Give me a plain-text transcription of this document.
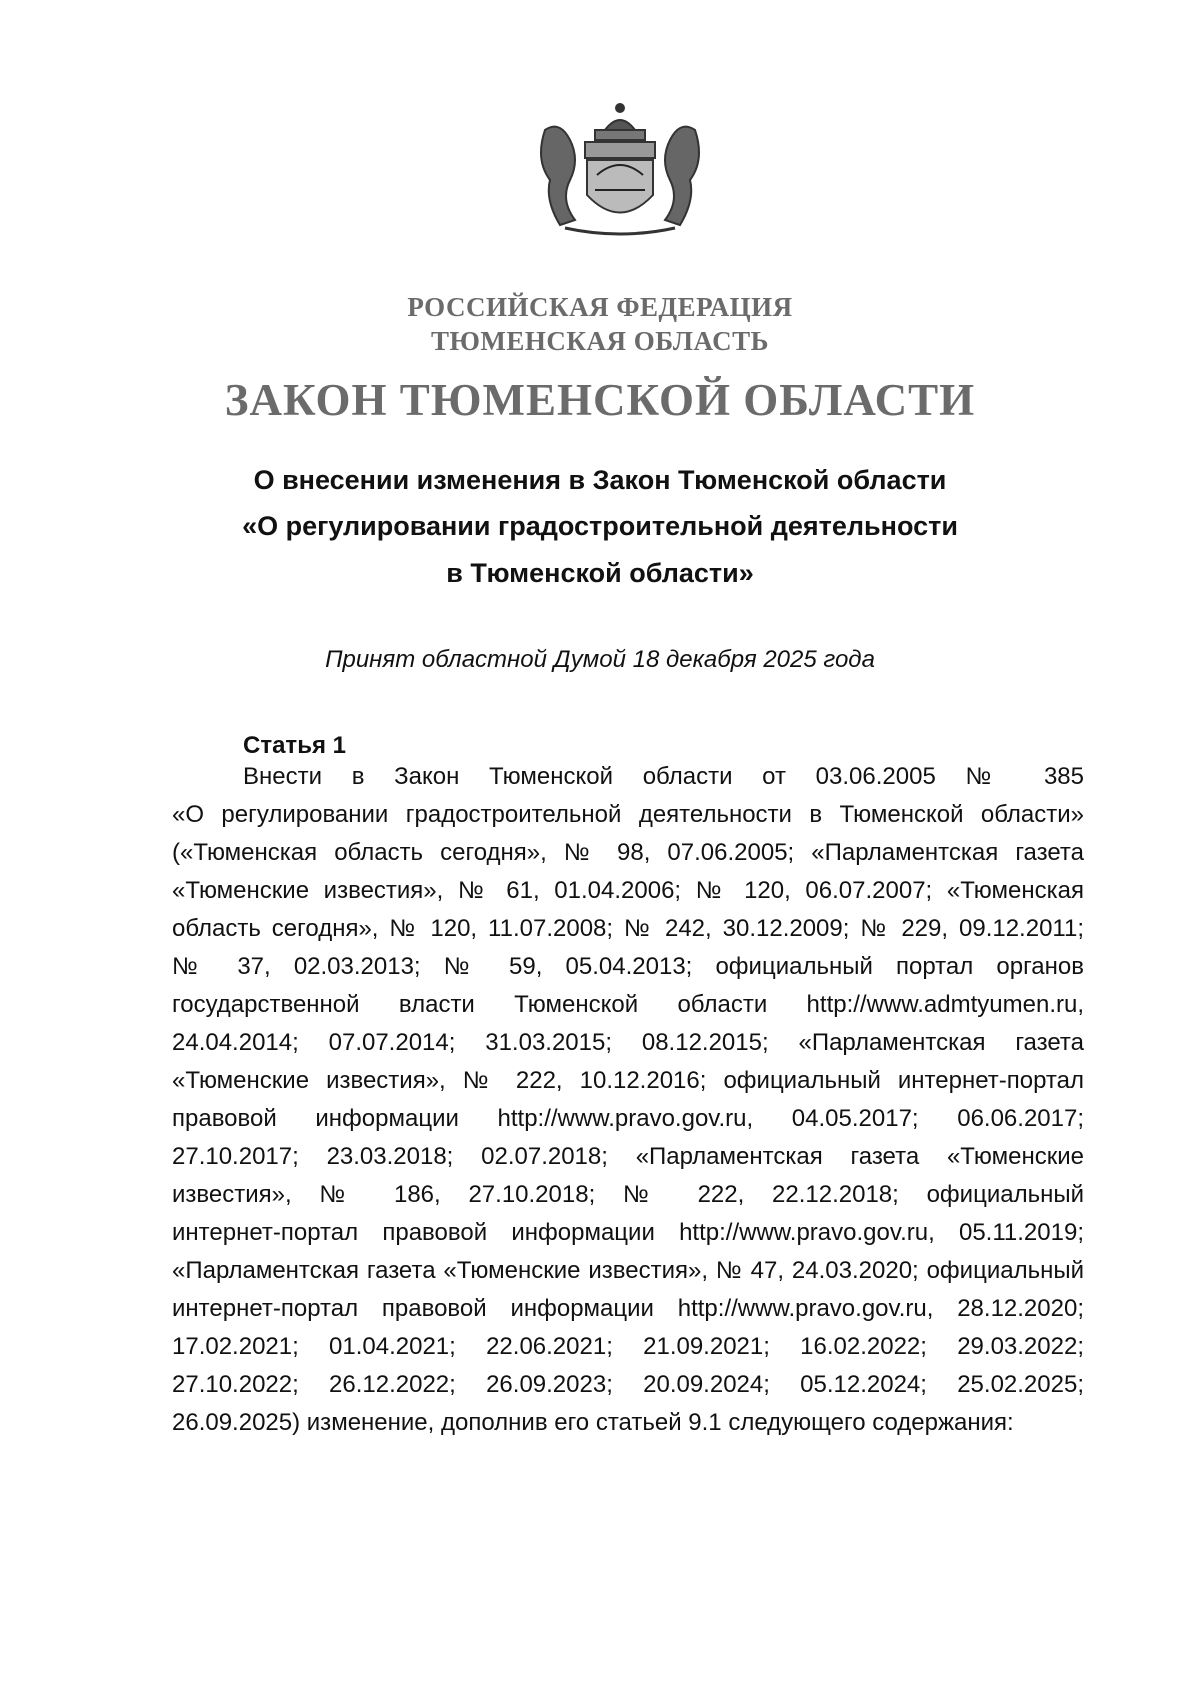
РОССИЙСКАЯ ФЕДЕРАЦИЯ
ТЮМЕНСКАЯ ОБЛАСТЬ
ЗАКОН ТЮМЕНСКОЙ ОБЛАСТИ
О внесении изменения в Закон Тюменской области
«О регулировании градостроительной деятельности
в Тюменской области»
Принят областной Думой 18 декабря 2025 года
Статья 1
Внести в Закон Тюменской области от 03.06.2005 № 385
«О регулировании градостроительной деятельности в Тюменской области»
(«Тюменская область сегодня», № 98, 07.06.2005; «Парламентская газета
«Тюменские известия», № 61, 01.04.2006; № 120, 06.07.2007; «Тюменская
область сегодня», № 120, 11.07.2008; № 242, 30.12.2009; № 229, 09.12.2011;
№ 37, 02.03.2013; № 59, 05.04.2013; официальный портал органов
государственной власти Тюменской области http://www.admtyumen.ru,
24.04.2014; 07.07.2014; 31.03.2015; 08.12.2015; «Парламентская газета
«Тюменские известия», № 222, 10.12.2016; официальный интернет-портал
правовой информации http://www.pravo.gov.ru, 04.05.2017; 06.06.2017;
27.10.2017; 23.03.2018; 02.07.2018; «Парламентская газета «Тюменские
известия», № 186, 27.10.2018; № 222, 22.12.2018; официальный
интернет-портал правовой информации http://www.pravo.gov.ru, 05.11.2019;
«Парламентская газета «Тюменские известия», № 47, 24.03.2020; официальный
интернет-портал правовой информации http://www.pravo.gov.ru, 28.12.2020;
17.02.2021; 01.04.2021; 22.06.2021; 21.09.2021; 16.02.2022; 29.03.2022;
27.10.2022; 26.12.2022; 26.09.2023; 20.09.2024; 05.12.2024; 25.02.2025;
26.09.2025) изменение, дополнив его статьей 9.1 следующего содержания:
